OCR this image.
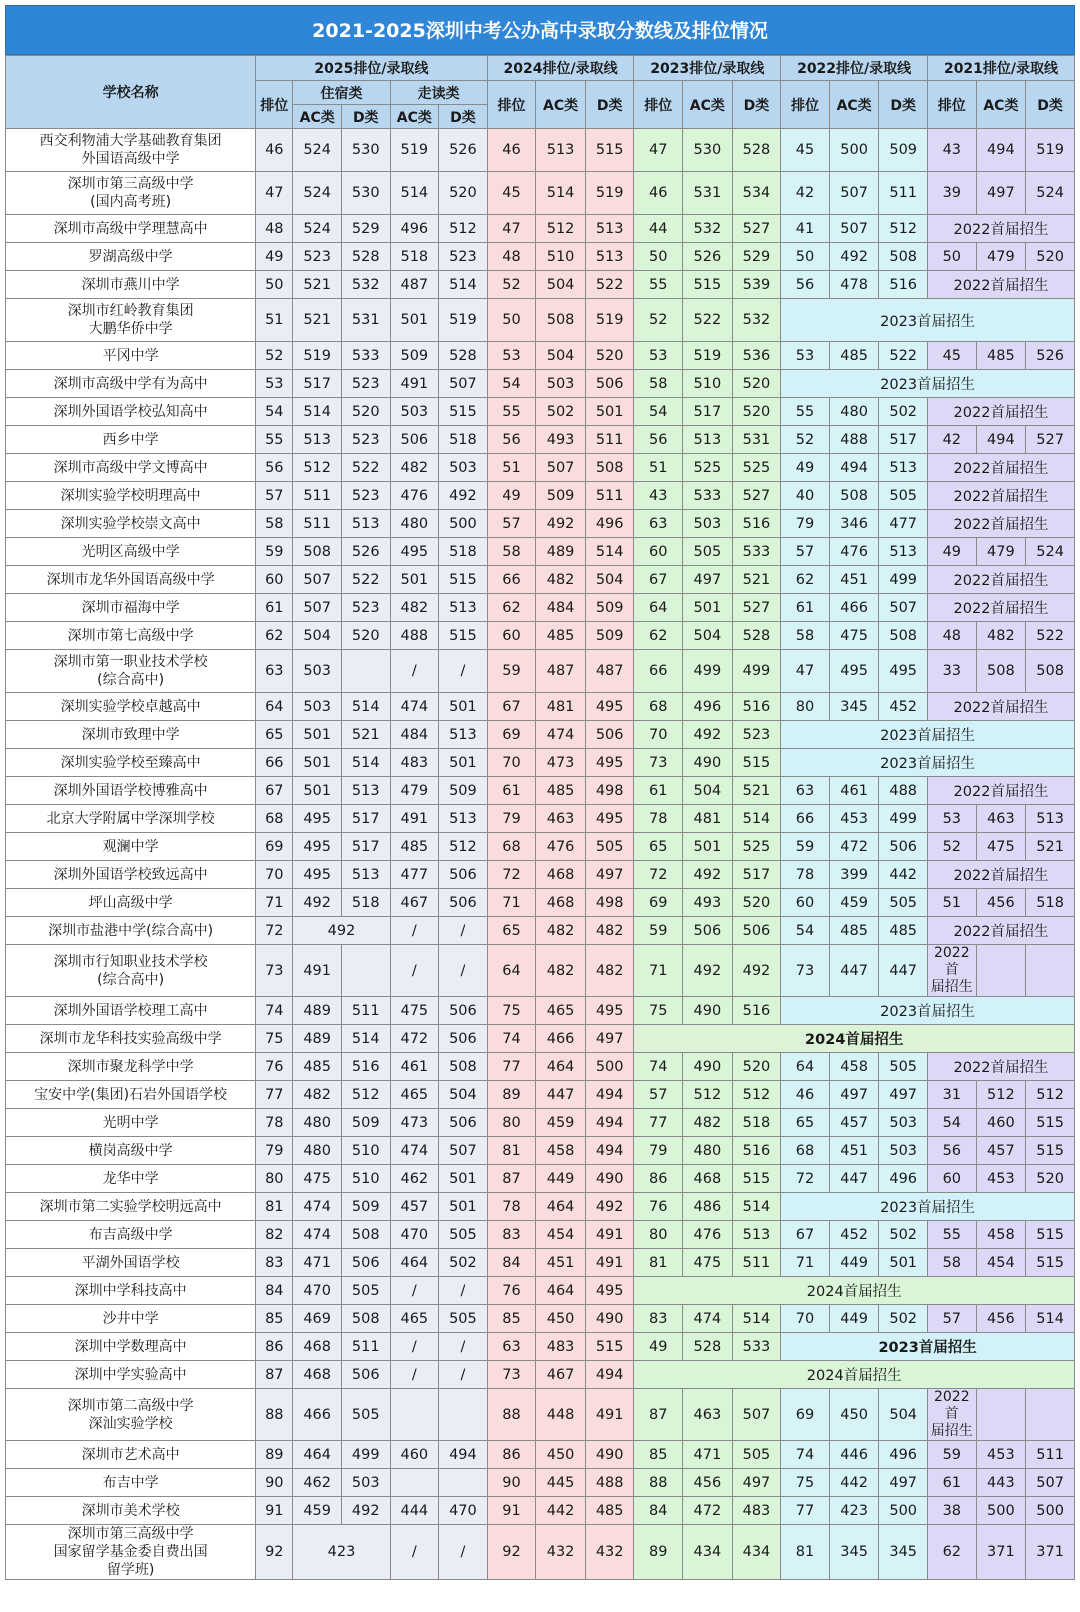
2021-2025深圳中考公办高中录取分数线及排位情况
学校名称	2025排位/录取线					2024排位/录取线			2023排位/录取线			2022排位/录取线			2021排位/录取线		
	排位	住宿类		走读类		排位	AC类	D类	排位	AC类	D类	排位	AC类	D类	排位	AC类	D类
		AC类	D类	AC类	D类												
西交利物浦大学基础教育集团
外国语高级中学	46	524	530	519	526	46	513	515	47	530	528	45	500	509	43	494	519
深圳市第三高级中学
(国内高考班)	47	524	530	514	520	45	514	519	46	531	534	42	507	511	39	497	524
深圳市高级中学理慧高中	48	524	529	496	512	47	512	513	44	532	527	41	507	512	2022首届招生		
罗湖高级中学	49	523	528	518	523	48	510	513	50	526	529	50	492	508	50	479	520
深圳市燕川中学	50	521	532	487	514	52	504	522	55	515	539	56	478	516	2022首届招生		
深圳市红岭教育集团
大鹏华侨中学	51	521	531	501	519	50	508	519	52	522	532	2023首届招生					
平冈中学	52	519	533	509	528	53	504	520	53	519	536	53	485	522	45	485	526
深圳市高级中学有为高中	53	517	523	491	507	54	503	506	58	510	520	2023首届招生					
深圳外国语学校弘知高中	54	514	520	503	515	55	502	501	54	517	520	55	480	502	2022首届招生		
西乡中学	55	513	523	506	518	56	493	511	56	513	531	52	488	517	42	494	527
深圳市高级中学文博高中	56	512	522	482	503	51	507	508	51	525	525	49	494	513	2022首届招生		
深圳实验学校明理高中	57	511	523	476	492	49	509	511	43	533	527	40	508	505	2022首届招生		
深圳实验学校崇文高中	58	511	513	480	500	57	492	496	63	503	516	79	346	477	2022首届招生		
光明区高级中学	59	508	526	495	518	58	489	514	60	505	533	57	476	513	49	479	524
深圳市龙华外国语高级中学	60	507	522	501	515	66	482	504	67	497	521	62	451	499	2022首届招生		
深圳市福海中学	61	507	523	482	513	62	484	509	64	501	527	61	466	507	2022首届招生		
深圳市第七高级中学	62	504	520	488	515	60	485	509	62	504	528	58	475	508	48	482	522
深圳市第一职业技术学校
(综合高中)	63	503		/	/	59	487	487	66	499	499	47	495	495	33	508	508
深圳实验学校卓越高中	64	503	514	474	501	67	481	495	68	496	516	80	345	452	2022首届招生		
深圳市致理中学	65	501	521	484	513	69	474	506	70	492	523	2023首届招生					
深圳实验学校至臻高中	66	501	514	483	501	70	473	495	73	490	515	2023首届招生					
深圳外国语学校博雅高中	67	501	513	479	509	61	485	498	61	504	521	63	461	488	2022首届招生		
北京大学附属中学深圳学校	68	495	517	491	513	79	463	495	78	481	514	66	453	499	53	463	513
观澜中学	69	495	517	485	512	68	476	505	65	501	525	59	472	506	52	475	521
深圳外国语学校致远高中	70	495	513	477	506	72	468	497	72	492	517	78	399	442	2022首届招生		
坪山高级中学	71	492	518	467	506	71	468	498	69	493	520	60	459	505	51	456	518
深圳市盐港中学(综合高中)	72	492		/	/	65	482	482	59	506	506	54	485	485	2022首届招生		
深圳市行知职业技术学校
(综合高中)	73	491		/	/	64	482	482	71	492	492	73	447	447	2022首
届招生		
深圳外国语学校理工高中	74	489	511	475	506	75	465	495	75	490	516	2023首届招生					
深圳市龙华科技实验高级中学	75	489	514	472	506	74	466	497	2024首届招生								
深圳市聚龙科学中学	76	485	516	461	508	77	464	500	74	490	520	64	458	505	2022首届招生		
宝安中学(集团)石岩外国语学校	77	482	512	465	504	89	447	494	57	512	512	46	497	497	31	512	512
光明中学	78	480	509	473	506	80	459	494	77	482	518	65	457	503	54	460	515
横岗高级中学	79	480	510	474	507	81	458	494	79	480	516	68	451	503	56	457	515
龙华中学	80	475	510	462	501	87	449	490	86	468	515	72	447	496	60	453	520
深圳市第二实验学校明远高中	81	474	509	457	501	78	464	492	76	486	514	2023首届招生					
布吉高级中学	82	474	508	470	505	83	454	491	80	476	513	67	452	502	55	458	515
平湖外国语学校	83	471	506	464	502	84	451	491	81	475	511	71	449	501	58	454	515
深圳中学科技高中	84	470	505	/	/	76	464	495	2024首届招生								
沙井中学	85	469	508	465	505	85	450	490	83	474	514	70	449	502	57	456	514
深圳中学数理高中	86	468	511	/	/	63	483	515	49	528	533	2023首届招生					
深圳中学实验高中	87	468	506	/	/	73	467	494	2024首届招生								
深圳市第二高级中学
深汕实验学校	88	466	505			88	448	491	87	463	507	69	450	504	2022首
届招生		
深圳市艺术高中	89	464	499	460	494	86	450	490	85	471	505	74	446	496	59	453	511
布吉中学	90	462	503			90	445	488	88	456	497	75	442	497	61	443	507
深圳市美术学校	91	459	492	444	470	91	442	485	84	472	483	77	423	500	38	500	500
深圳市第三高级中学
国家留学基金委自费出国
留学班)	92	423		/	/	92	432	432	89	434	434	81	345	345	62	371	371
